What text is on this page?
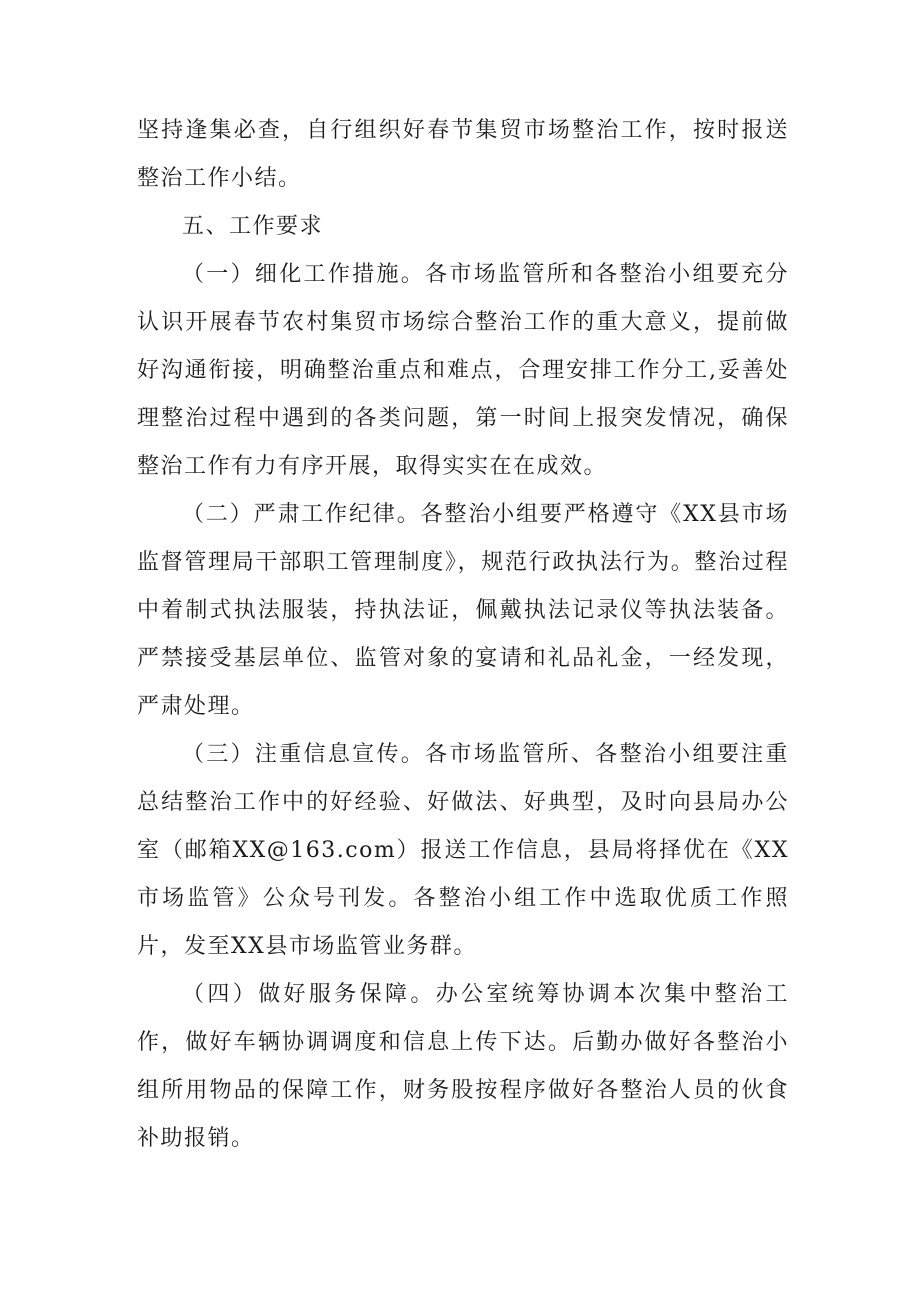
坚持逢集必查，自行组织好春节集贸市场整治工作，按时报送整治工作小结。

五、工作要求

（一）细化工作措施。各市场监管所和各整治小组要充分认识开展春节农村集贸市场综合整治工作的重大意义，提前做好沟通衔接，明确整治重点和难点，合理安排工作分工,妥善处理整治过程中遇到的各类问题，第一时间上报突发情况，确保整治工作有力有序开展，取得实实在在成效。

（二）严肃工作纪律。各整治小组要严格遵守《XX县市场监督管理局干部职工管理制度》，规范行政执法行为。整治过程中着制式执法服装，持执法证，佩戴执法记录仪等执法装备。严禁接受基层单位、监管对象的宴请和礼品礼金，一经发现，严肃处理。

（三）注重信息宣传。各市场监管所、各整治小组要注重总结整治工作中的好经验、好做法、好典型，及时向县局办公室（邮箱XX@163.com）报送工作信息，县局将择优在《XX市场监管》公众号刊发。各整治小组工作中选取优质工作照片，发至XX县市场监管业务群。

（四）做好服务保障。办公室统筹协调本次集中整治工作，做好车辆协调调度和信息上传下达。后勤办做好各整治小组所用物品的保障工作，财务股按程序做好各整治人员的伙食补助报销。
